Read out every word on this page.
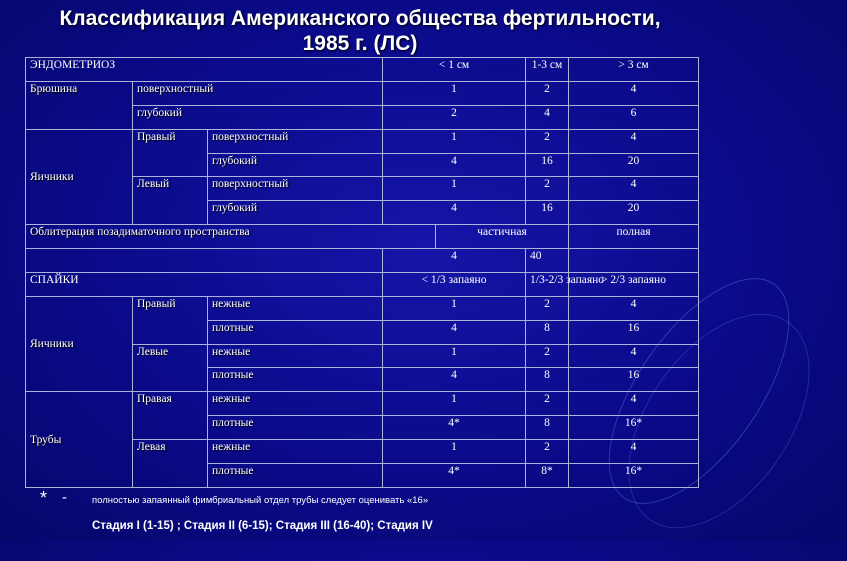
Классификация Американского общества фертильности,
1985 г. (ЛС)
ЭНДОМЕТРИОЗ			< 1 см		1-3 см	> 3 см
Брюшина	поверхностный		1		2	4
	глубокий		2		4	6
Яичники	Правый	поверхностный	1		2	4
		глубокий	4		16	20
	Левый	поверхностный	1		2	4
		глубокий	4		16	20
Облитерация позадиматочного пространства				частичная		полная
			4		40	
СПАЙКИ			< 1/3 запаяно		1/3-2/3 запаяно	> 2/3 запаяно
Яичники	Правый	нежные	1		2	4
		плотные	4		8	16
	Левые	нежные	1		2	4
		плотные	4		8	16
Трубы	Правая	нежные	1		2	4
		плотные	4*		8	16*
	Левая	нежные	1		2	4
		плотные	4*		8*	16*
* -	полностью запаянный фимбриальный отдел трубы следует оценивать «16»
Стадия I (1-15) ; Стадия II (6-15); Стадия III (16-40); Стадия IV
